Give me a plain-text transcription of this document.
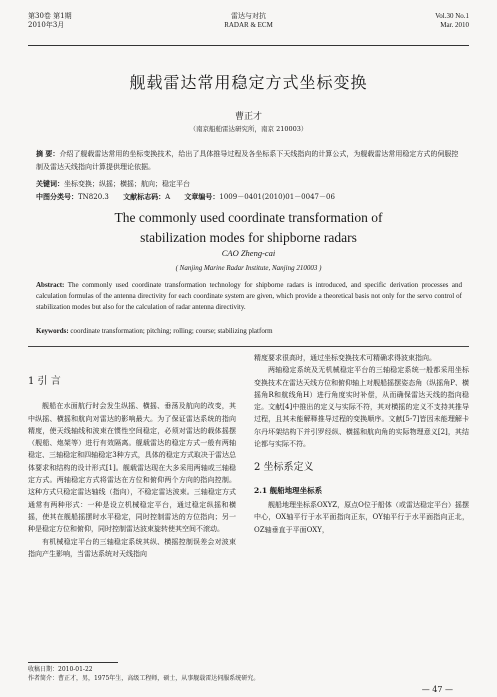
第30卷 第1期
2010年3月
雷达与对抗
RADAR & ECM
Vol.30 No.1
Mar. 2010
舰载雷达常用稳定方式坐标变换
曹正才
（南京船舶雷达研究所，南京 210003）
摘 要：介绍了舰载雷达常用的坐标变换技术，给出了具体推导过程及各坐标系下天线指向的计算公式，为舰载雷达常用稳定方式的伺服控制及雷达天线指向计算提供理论依据。
关键词：坐标变换；纵摇；横摇；航向；稳定平台
中图分类号：TN820.3 文献标志码：A 文章编号：1009－0401(2010)01－0047－06
The commonly used coordinate transformation of
stabilization modes for shipborne radars
CAO Zheng-cai
( Nanjing Marine Radar Institute, Nanjing 210003 )
Abstract: The commonly used coordinate transformation technology for shipborne radars is introduced, and specific derivation processes and calculation formulas of the antenna directivity for each coordinate system are given, which provide a theoretical basis not only for the servo control of stabilization modes but also for the calculation of radar antenna directivity.
Keywords: coordinate transformation; pitching; rolling; course; stabilizing platform
1 引 言

舰船在水面航行时会发生纵摇、横摇、垂荡及航向的改变，其中纵摇、横摇和航向对雷达的影响最大。为了保证雷达系统的指向精度，使天线轴线和波束在惯性空间稳定，必须对雷达的载体摇摆（舰船、炮架等）进行有效隔离。舰载雷达的稳定方式一般有两轴稳定、三轴稳定和四轴稳定3种方式，具体的稳定方式取决于雷达总体要求和结构的设计形式[1]。舰载雷达现在大多采用两轴或三轴稳定方式。两轴稳定方式将雷达在方位和俯仰两个方向的指向控制。这种方式只稳定雷达轴线（指向），不稳定雷达波束。三轴稳定方式通常有两种形式：一种是设立机械稳定平台，通过稳定纵摇和横摇，使其在舰船摇摆时水平稳定，同时控制雷达的方位指向；另一种是稳定方位和俯仰，同时控制雷达波束旋转使其空间不滚动。

有机械稳定平台的三轴稳定系统其纵、横摇控制误差会对波束指向产生影响，当雷达系统对天线指向

精度要求很高时，通过坐标变换技术可精确求得波束指向。

两轴稳定系统及无机械稳定平台的三轴稳定系统一般都采用坐标变换技术在雷达天线方位和俯仰轴上对舰船摇摆姿态角（纵摇角P、横摇角R和航线角H）进行角度实时补偿，从而确保雷达天线的指向稳定。文献[4]中推出的定义与实际不符，其对横摇的定义不支持其推导过程，且其未能解释推导过程的变换顺序。文献[5-7]皆因未能理解卡尔丹坏架结构下并引罗经纵、横摇和航向角的实际物理意义[2]，其结论都与实际不符。

2 坐标系定义
2.1 舰船地理坐标系

舰船地理坐标系OXYZ，原点O位于船体（或雷达稳定平台）摇摆中心，OX轴平行于水平面指向正东，OY轴平行于水平面指向正北，OZ轴垂直于平面OXY，

收稿日期：2010-01-22
作者简介：曹正才，男，1975年生，高级工程师，硕士，从事舰载雷达伺服系统研究。
— 47 —
